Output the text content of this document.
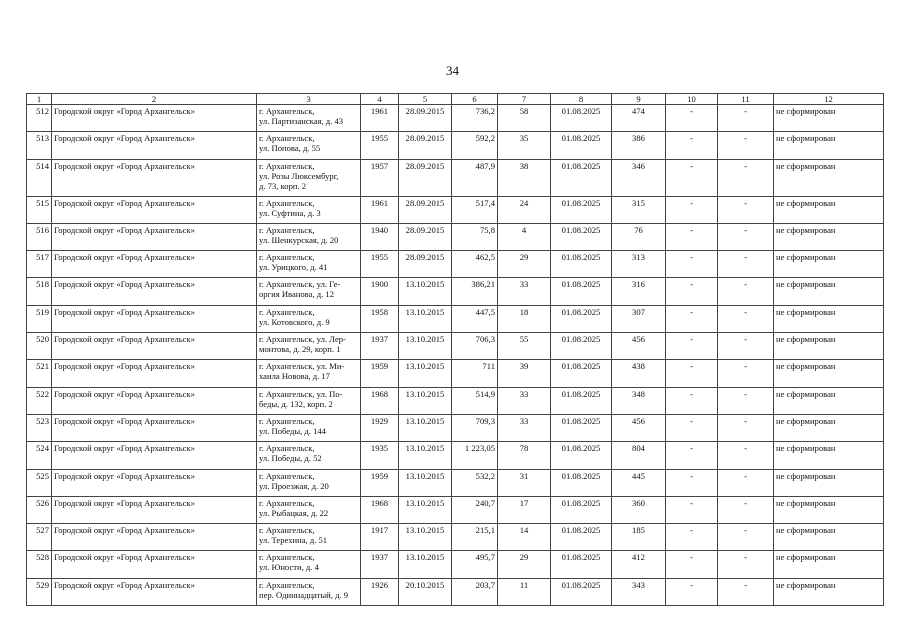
34
1	2	3	4	5	6	7	8	9	10	11	12
512	Городской округ «Город Архангельск»	г. Архангельск,
ул. Партизанская, д. 43	1961	28.09.2015	736,2	58	01.08.2025	474	-	-	не сформирован
513	Городской округ «Город Архангельск»	г. Архангельск,
ул. Попова, д. 55	1955	28.09.2015	592,2	35	01.08.2025	386	-	-	не сформирован
514	Городской округ «Город Архангельск»	г. Архангельск,
ул. Розы Люксембург,
д. 73, корп. 2	1957	28.09.2015	487,9	38	01.08.2025	346	-	-	не сформирован
515	Городской округ «Город Архангельск»	г. Архангельск,
ул. Суфтина, д. 3	1961	28.09.2015	517,4	24	01.08.2025	315	-	-	не сформирован
516	Городской округ «Город Архангельск»	г. Архангельск,
ул. Шенкурская, д. 20	1940	28.09.2015	75,8	4	01.08.2025	76	-	-	не сформирован
517	Городской округ «Город Архангельск»	г. Архангельск,
ул. Урицкого, д. 41	1955	28.09.2015	462,5	29	01.08.2025	313	-	-	не сформирован
518	Городской округ «Город Архангельск»	г. Архангельск, ул. Ге-
оргия Иванова, д. 12	1900	13.10.2015	386,21	33	01.08.2025	316	-	-	не сформирован
519	Городской округ «Город Архангельск»	г. Архангельск,
ул. Котовского, д. 9	1958	13.10.2015	447,5	18	01.08.2025	307	-	-	не сформирован
520	Городской округ «Город Архангельск»	г. Архангельск, ул. Лер-
монтова, д. 29, корп. 1	1937	13.10.2015	706,3	55	01.08.2025	456	-	-	не сформирован
521	Городской округ «Город Архангельск»	г. Архангельск, ул. Ми-
хаила Новова, д. 17	1959	13.10.2015	711	39	01.08.2025	438	-	-	не сформирован
522	Городской округ «Город Архангельск»	г. Архангельск, ул. По-
беды, д. 132, корп. 2	1968	13.10.2015	514,9	33	01.08.2025	348	-	-	не сформирован
523	Городской округ «Город Архангельск»	г. Архангельск,
ул. Победы, д. 144	1929	13.10.2015	709,3	33	01.08.2025	456	-	-	не сформирован
524	Городской округ «Город Архангельск»	г. Архангельск,
ул. Победы, д. 52	1935	13.10.2015	1 223,05	78	01.08.2025	804	-	-	не сформирован
525	Городской округ «Город Архангельск»	г. Архангельск,
ул. Проезжая, д. 20	1959	13.10.2015	532,2	31	01.08.2025	445	-	-	не сформирован
526	Городской округ «Город Архангельск»	г. Архангельск,
ул. Рыбацкая, д. 22	1968	13.10.2015	240,7	17	01.08.2025	360	-	-	не сформирован
527	Городской округ «Город Архангельск»	г. Архангельск,
ул. Терехина, д. 51	1917	13.10.2015	215,1	14	01.08.2025	185	-	-	не сформирован
528	Городской округ «Город Архангельск»	г. Архангельск,
ул. Юности, д. 4	1937	13.10.2015	495,7	29	01.08.2025	412	-	-	не сформирован
529	Городской округ «Город Архангельск»	г. Архангельск,
пер. Одиннадцатый, д. 9	1926	20.10.2015	203,7	11	01.08.2025	343	-	-	не сформирован
